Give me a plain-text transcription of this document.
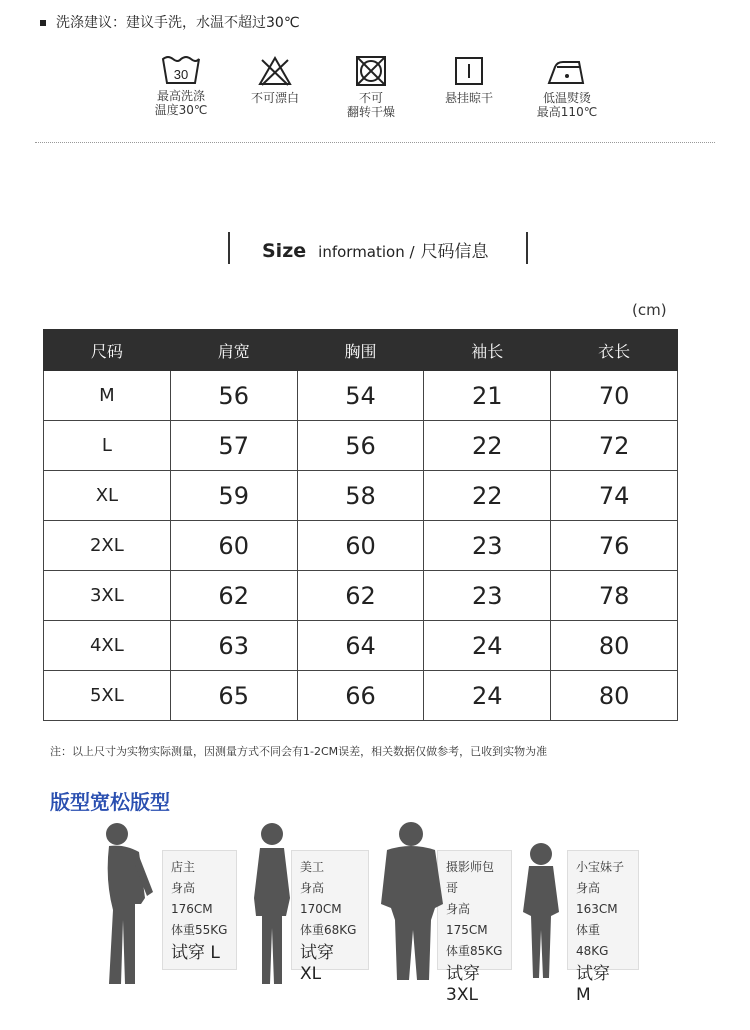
洗涤建议：建议手洗，水温不超过30℃
30
最高洗涤
温度30℃
不可漂白	不可
翻转干燥
悬挂晾干	低温熨烫
最高110℃
Size information / 尺码信息
(cm)
尺码	肩宽	胸围	袖长	衣长
M	56	54	21	70
L	57	56	22	72
XL	59	58	22	74
2XL	60	60	23	76
3XL	62	62	23	78
4XL	63	64	24	80
5XL	65	66	24	80
注：以上尺寸为实物实际测量，因测量方式不同会有1-2CM误差，相关数据仅做参考，已收到实物为准
版型宽松版型
店主
身高176CM
体重55KG
试穿 L
美工
身高170CM
体重68KG
试穿 XL
摄影师包哥
身高175CM
体重85KG
试穿3XL
小宝妹子
身高163CM
体重48KG
试穿 M
